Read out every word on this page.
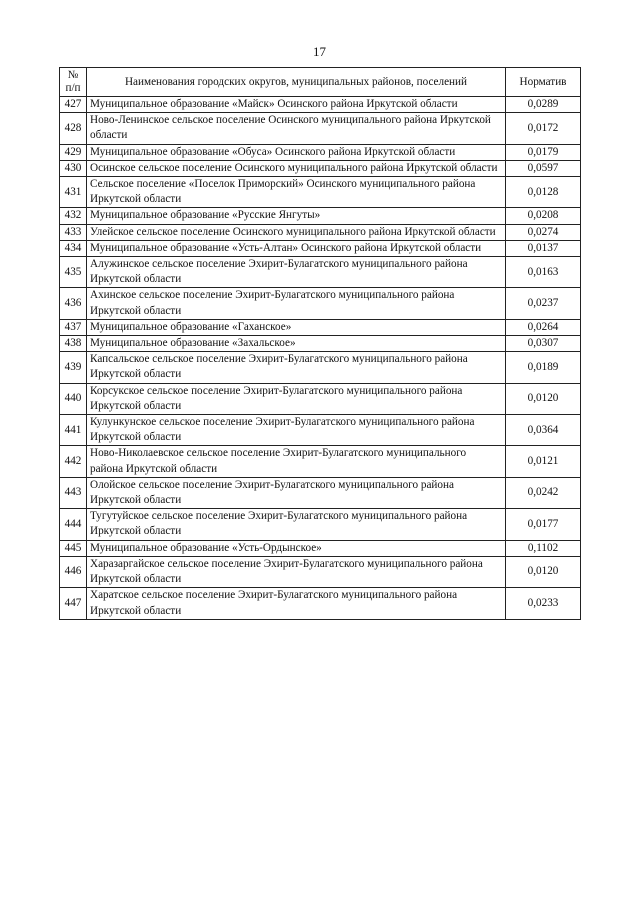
17
№ п/п	Наименования городских округов, муниципальных районов, поселений	Норматив
427	Муниципальное образование «Майск» Осинского района Иркутской области	0,0289
428	Ново-Ленинское сельское поселение Осинского муниципального района Иркутской области	0,0172
429	Муниципальное образование «Обуса» Осинского района Иркутской области	0,0179
430	Осинское сельское поселение Осинского муниципального района Иркутской области	0,0597
431	Сельское поселение «Поселок Приморский» Осинского муниципального района Иркутской области	0,0128
432	Муниципальное образование «Русские Янгуты»	0,0208
433	Улейское сельское поселение Осинского муниципального района Иркутской области	0,0274
434	Муниципальное образование «Усть-Алтан» Осинского района Иркутской области	0,0137
435	Алужинское сельское поселение Эхирит-Булагатского муниципального района Иркутской области	0,0163
436	Ахинское сельское поселение Эхирит-Булагатского муниципального района Иркутской области	0,0237
437	Муниципальное образование «Гаханское»	0,0264
438	Муниципальное образование «Захальское»	0,0307
439	Капсальское сельское поселение Эхирит-Булагатского муниципального района Иркутской области	0,0189
440	Корсукское сельское поселение Эхирит-Булагатского муниципального района Иркутской области	0,0120
441	Кулункунское сельское поселение Эхирит-Булагатского муниципального района Иркутской области	0,0364
442	Ново-Николаевское сельское поселение Эхирит-Булагатского муниципального района Иркутской области	0,0121
443	Олойское сельское поселение Эхирит-Булагатского муниципального района Иркутской области	0,0242
444	Тугутуйское сельское поселение Эхирит-Булагатского муниципального района Иркутской области	0,0177
445	Муниципальное образование «Усть-Ордынское»	0,1102
446	Харазаргайское сельское поселение Эхирит-Булагатского муниципального района Иркутской области	0,0120
447	Харатское сельское поселение Эхирит-Булагатского муниципального района Иркутской области	0,0233
